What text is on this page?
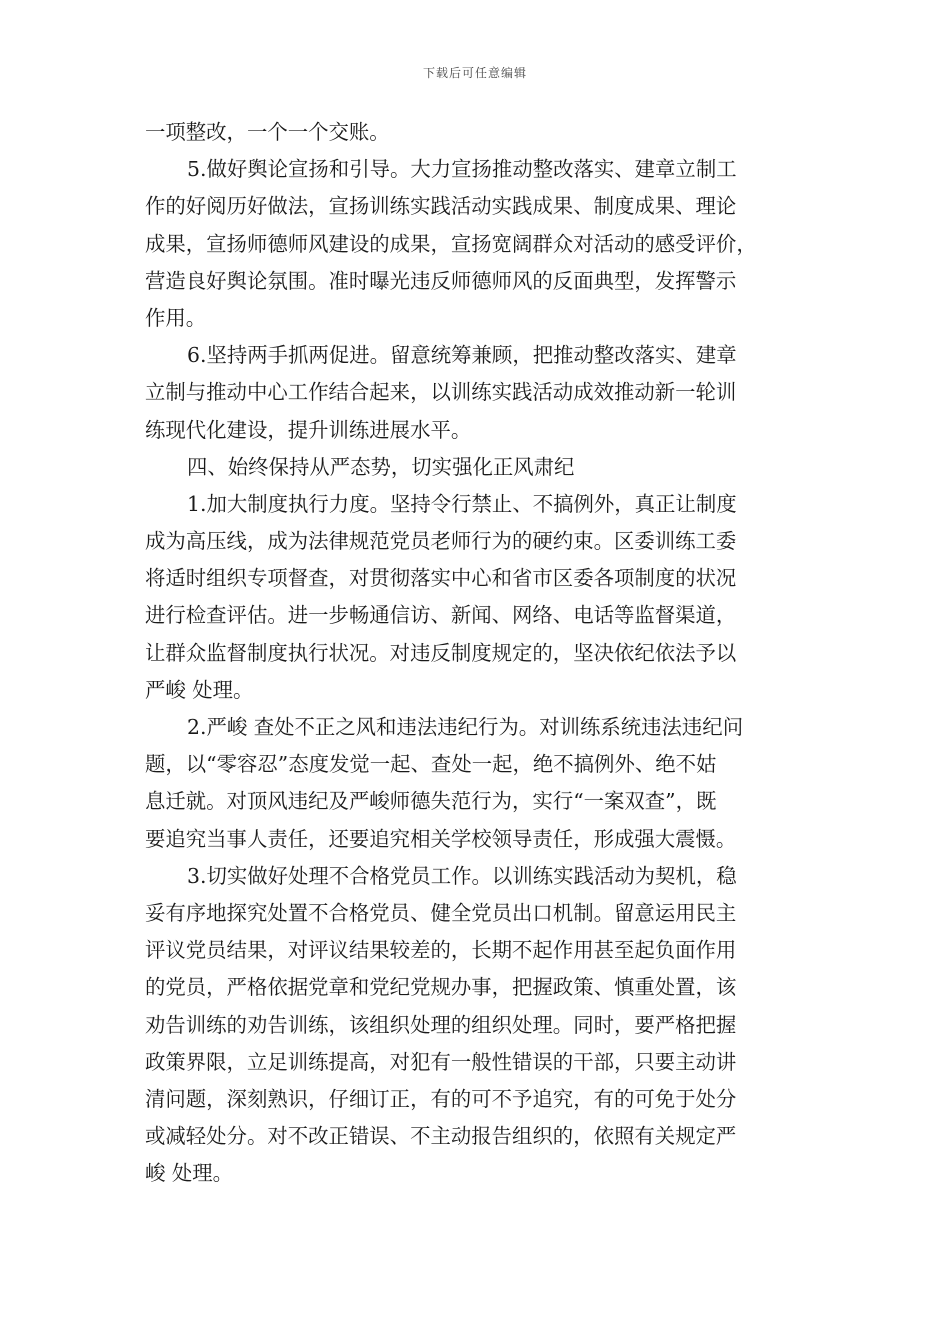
下载后可任意编辑
一项整改，一个一个交账。
5.做好舆论宣扬和引导。大力宣扬推动整改落实、建章立制工
作的好阅历好做法，宣扬训练实践活动实践成果、制度成果、理论
成果，宣扬师德师风建设的成果，宣扬宽阔群众对活动的感受评价，
营造良好舆论氛围。准时曝光违反师德师风的反面典型，发挥警示
作用。
6.坚持两手抓两促进。留意统筹兼顾，把推动整改落实、建章
立制与推动中心工作结合起来，以训练实践活动成效推动新一轮训
练现代化建设，提升训练进展水平。
四、始终保持从严态势，切实强化正风肃纪
1.加大制度执行力度。坚持令行禁止、不搞例外，真正让制度
成为高压线，成为法律规范党员老师行为的硬约束。区委训练工委
将适时组织专项督查，对贯彻落实中心和省市区委各项制度的状况
进行检查评估。进一步畅通信访、新闻、网络、电话等监督渠道，
让群众监督制度执行状况。对违反制度规定的，坚决依纪依法予以
严峻 处理。
2.严峻 查处不正之风和违法违纪行为。对训练系统违法违纪问
题，以“零容忍”态度发觉一起、查处一起，绝不搞例外、绝不姑
息迁就。对顶风违纪及严峻师德失范行为，实行“一案双查”，既
要追究当事人责任，还要追究相关学校领导责任，形成强大震慑。
3.切实做好处理不合格党员工作。以训练实践活动为契机，稳
妥有序地探究处置不合格党员、健全党员出口机制。留意运用民主
评议党员结果，对评议结果较差的，长期不起作用甚至起负面作用
的党员，严格依据党章和党纪党规办事，把握政策、慎重处置，该
劝告训练的劝告训练，该组织处理的组织处理。同时，要严格把握
政策界限，立足训练提高，对犯有一般性错误的干部，只要主动讲
清问题，深刻熟识，仔细订正，有的可不予追究，有的可免于处分
或减轻处分。对不改正错误、不主动报告组织的，依照有关规定严
峻 处理。
